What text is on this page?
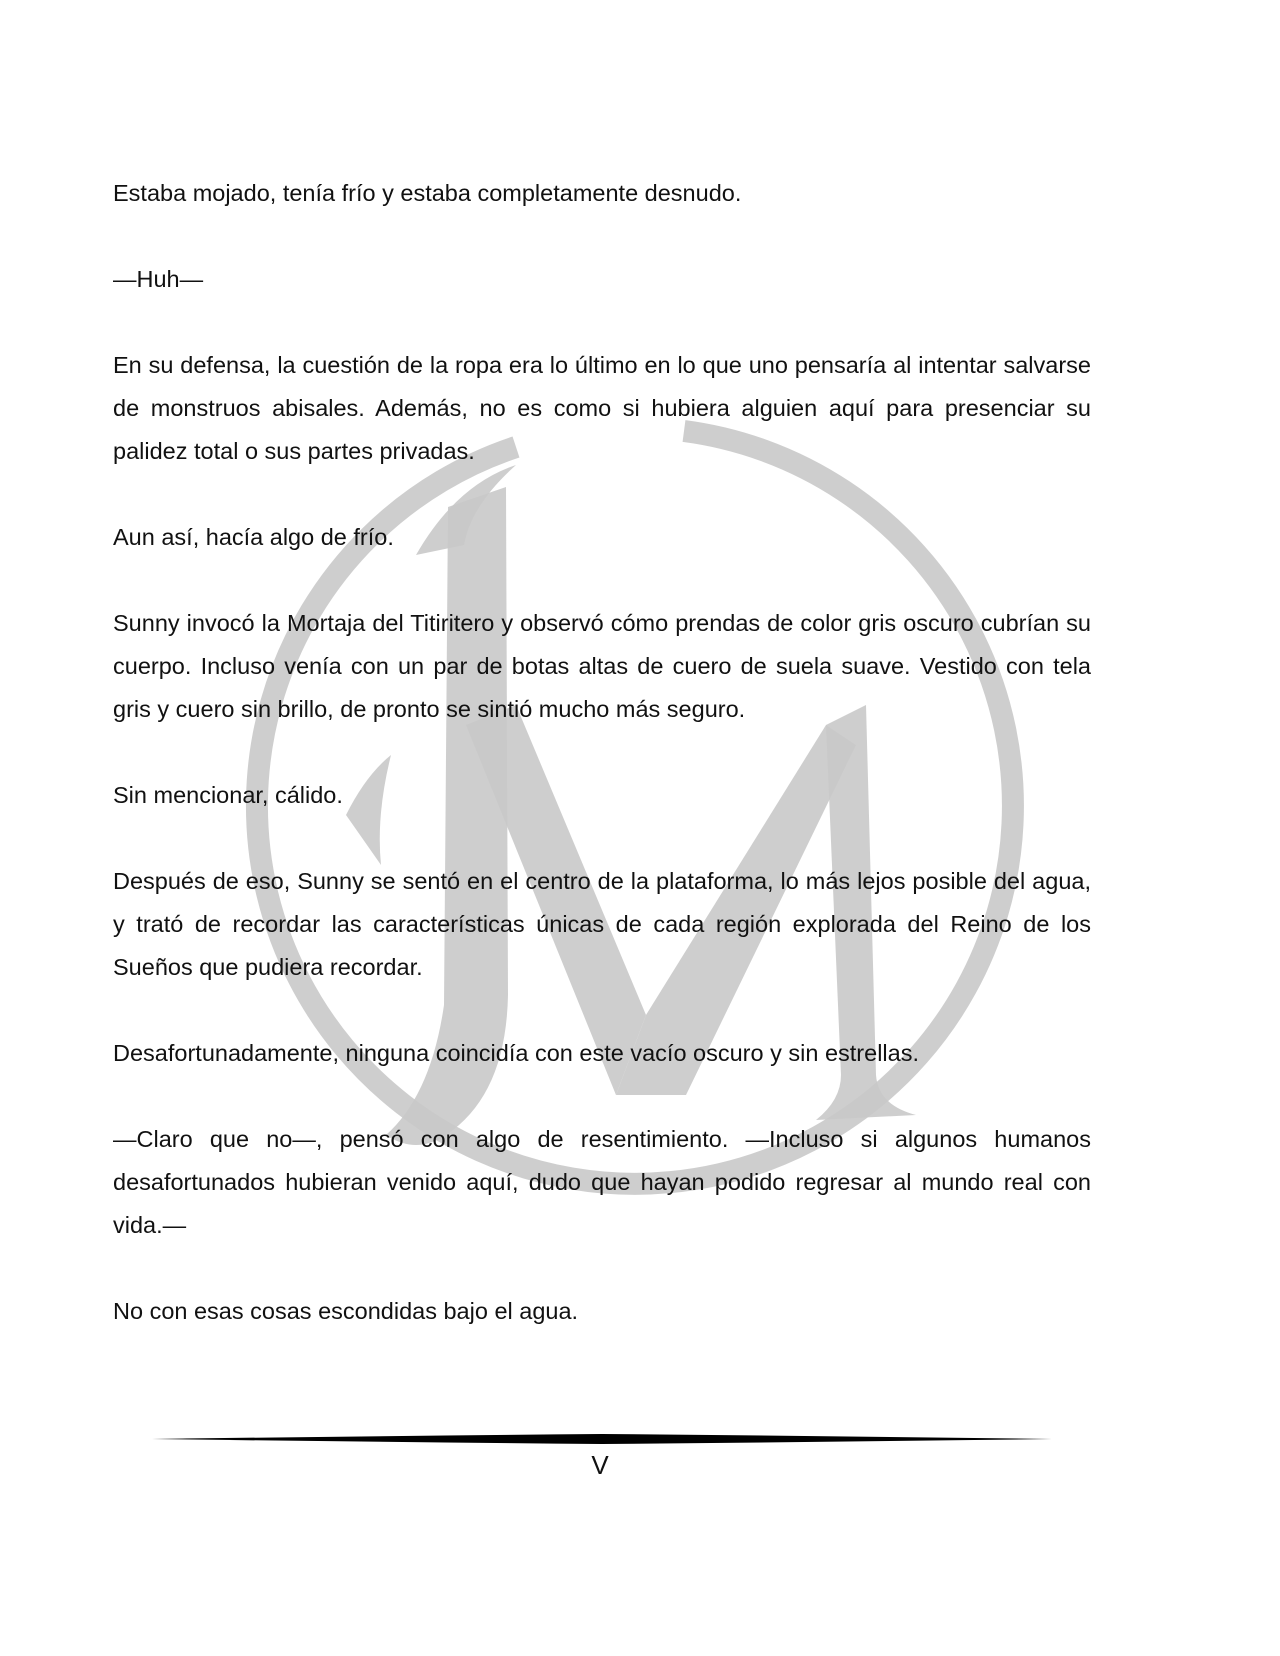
Estaba mojado, tenía frío y estaba completamente desnudo.

—Huh—

En su defensa, la cuestión de la ropa era lo último en lo que uno pensaría al intentar salvarse de monstruos abisales. Además, no es como si hubiera alguien aquí para presenciar su palidez total o sus partes privadas.

Aun así, hacía algo de frío.

Sunny invocó la Mortaja del Titiritero y observó cómo prendas de color gris oscuro cubrían su cuerpo. Incluso venía con un par de botas altas de cuero de suela suave. Vestido con tela gris y cuero sin brillo, de pronto se sintió mucho más seguro.

Sin mencionar, cálido.

Después de eso, Sunny se sentó en el centro de la plataforma, lo más lejos posible del agua, y trató de recordar las características únicas de cada región explorada del Reino de los Sueños que pudiera recordar.

Desafortunadamente, ninguna coincidía con este vacío oscuro y sin estrellas.

—Claro que no—, pensó con algo de resentimiento. —Incluso si algunos humanos desafortunados hubieran venido aquí, dudo que hayan podido regresar al mundo real con vida.—

No con esas cosas escondidas bajo el agua.

V
